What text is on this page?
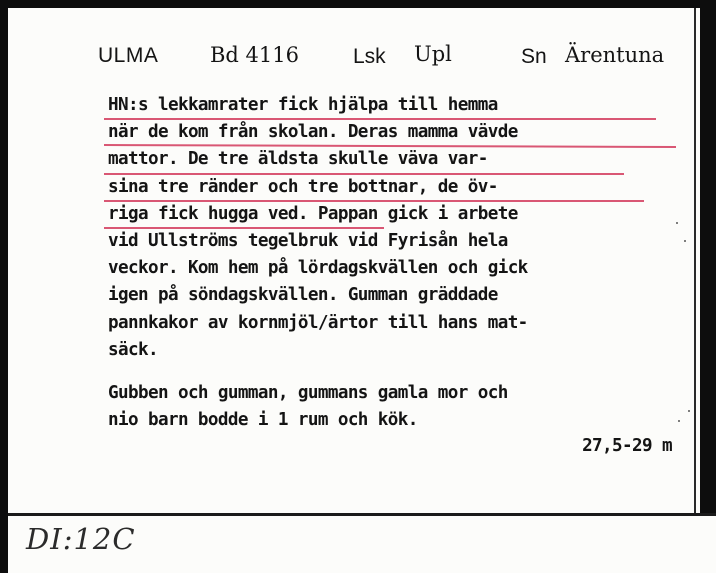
ULMA Bd 4116	Lsk Upl	Sn Ärentuna
HN:s lekkamrater fick hjälpa till hemma
när de kom från skolan. Deras mamma vävde
mattor. De tre äldsta skulle väva var-
sina tre ränder och tre bottnar, de öv-
riga fick hugga ved. Pappan gick i arbete
vid Ullströms tegelbruk vid Fyrisån hela
veckor. Kom hem på lördagskvällen och gick
igen på söndagskvällen. Gumman gräddade
pannkakor av kornmjöl/ärtor till hans mat-
säck.
Gubben och gumman, gummans gamla mor och
nio barn bodde i 1 rum och kök.
27,5-29 m
DI:12C
